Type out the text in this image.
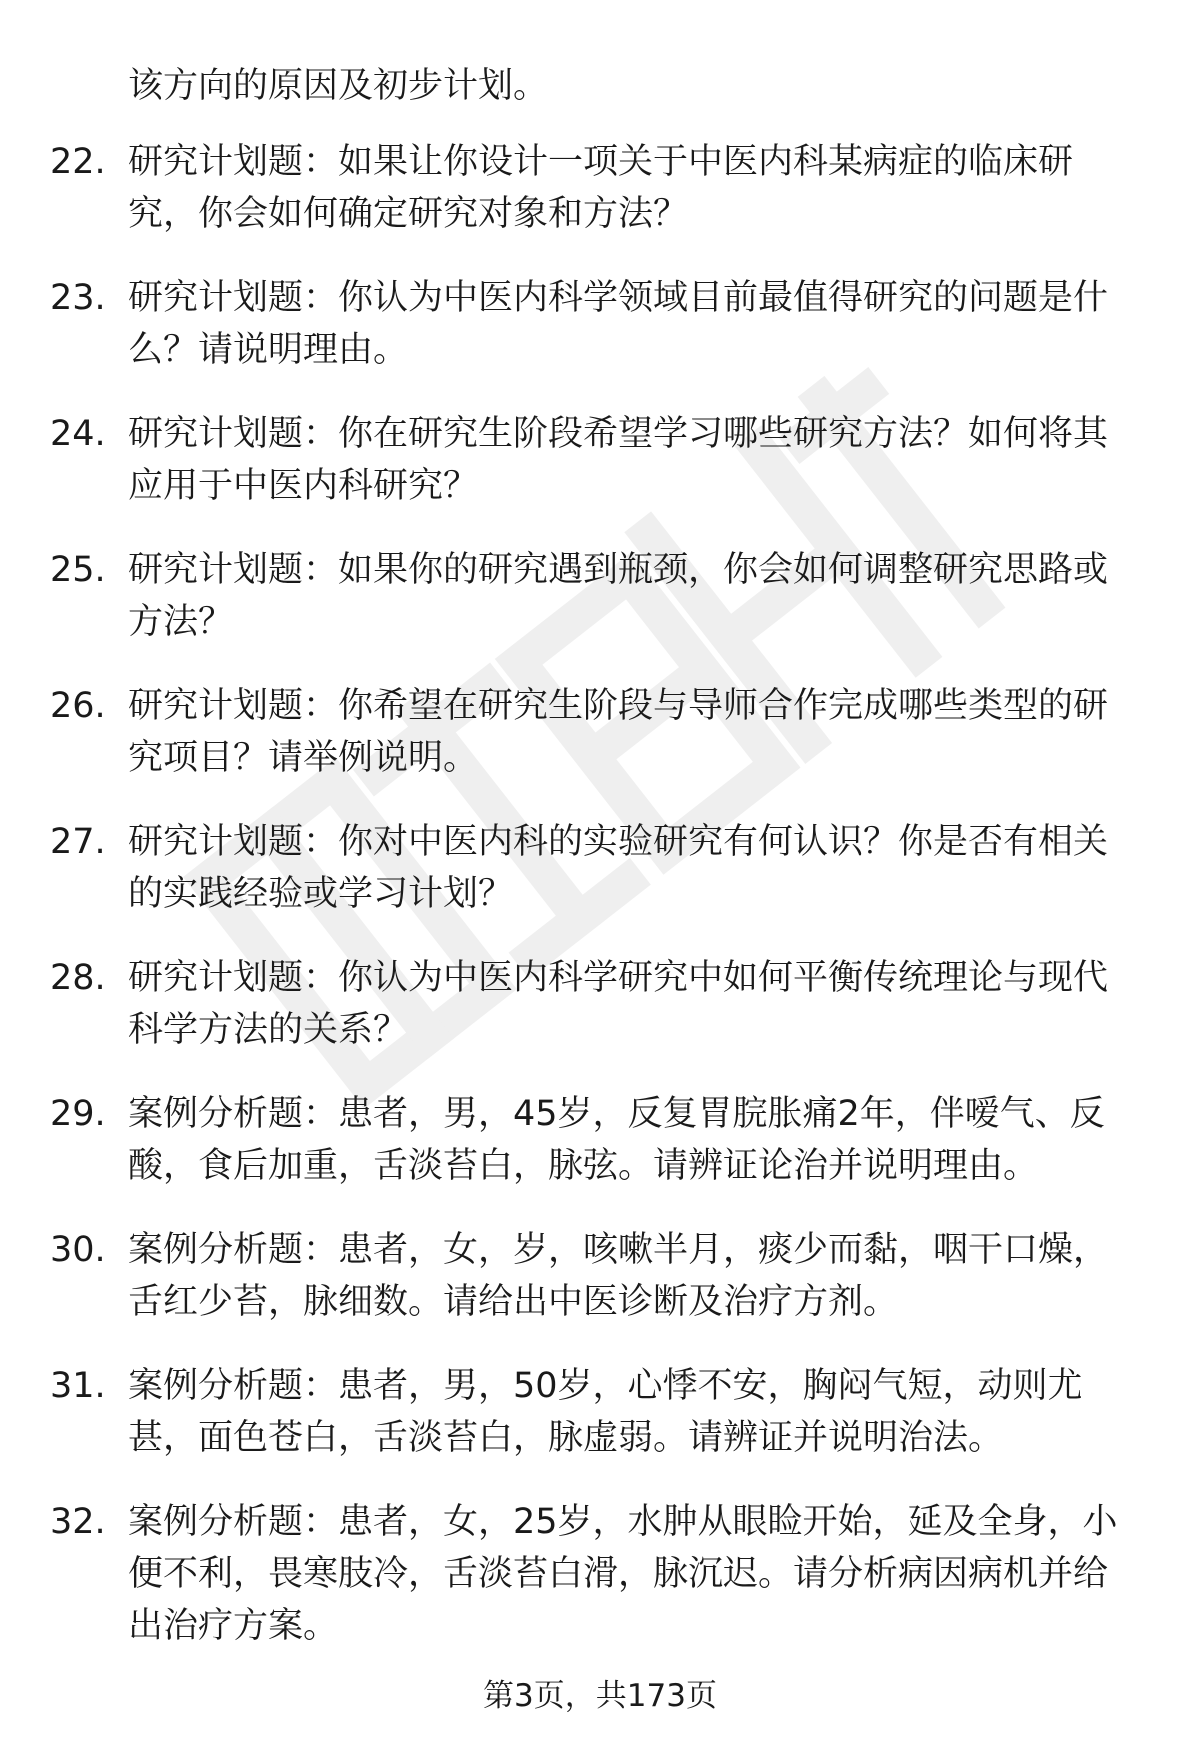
该方向的原因及初步计划。

22. 研究计划题：如果让你设计一项关于中医内科某病症的临床研究，你会如何确定研究对象和方法？
23. 研究计划题：你认为中医内科学领域目前最值得研究的问题是什么？请说明理由。
24. 研究计划题：你在研究生阶段希望学习哪些研究方法？如何将其应用于中医内科研究？
25. 研究计划题：如果你的研究遇到瓶颈，你会如何调整研究思路或方法？
26. 研究计划题：你希望在研究生阶段与导师合作完成哪些类型的研究项目？请举例说明。
27. 研究计划题：你对中医内科的实验研究有何认识？你是否有相关的实践经验或学习计划？
28. 研究计划题：你认为中医内科学研究中如何平衡传统理论与现代科学方法的关系？
29. 案例分析题：患者，男，45岁，反复胃脘胀痛2年，伴嗳气、反酸，食后加重，舌淡苔白，脉弦。请辨证论治并说明理由。
30. 案例分析题：患者，女，岁，咳嗽半月，痰少而黏，咽干口燥，舌红少苔，脉细数。请给出中医诊断及治疗方剂。
31. 案例分析题：患者，男，50岁，心悸不安，胸闷气短，动则尤甚，面色苍白，舌淡苔白，脉虚弱。请辨证并说明治法。
32. 案例分析题：患者，女，25岁，水肿从眼睑开始，延及全身，小便不利，畏寒肢冷，舌淡苔白滑，脉沉迟。请分析病因病机并给出治疗方案。
第3页，共173页
